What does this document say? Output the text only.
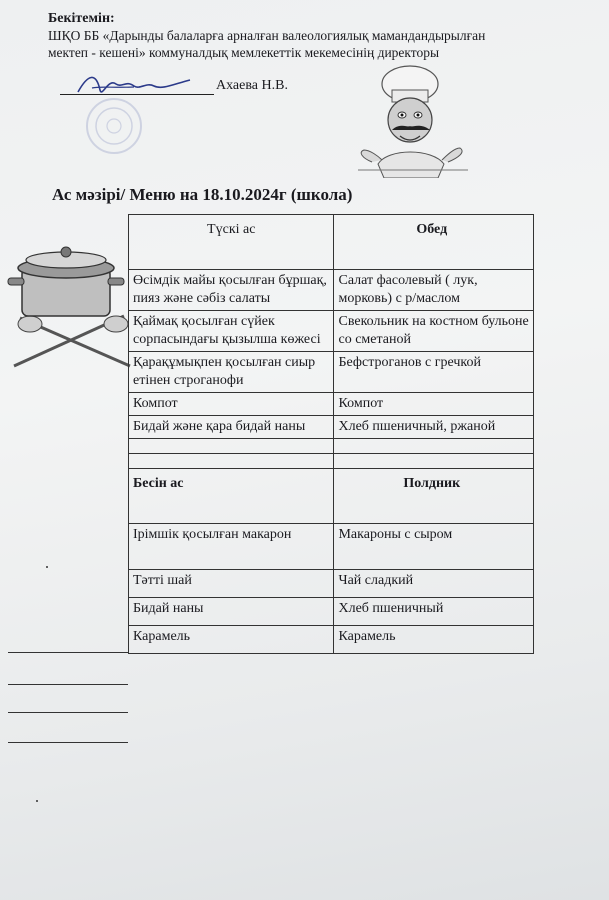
Бекітемін:
ШҚО ББ «Дарынды балаларға арналған валеологиялық мамандандырылған
мектеп - кешені» коммуналдық мемлекеттік мекемесінің директоры
Ахаева Н.В.
Ас мәзірі/ Меню на 18.10.2024г (школа)
Түскі ас	Обед
Өсімдік майы қосылған бұршақ, пияз және сәбіз салаты	Салат фасолевый ( лук, морковь) с р/маслом
Қаймақ қосылған сүйек сорпасындағы қызылша көжесі	Свекольник на костном бульоне со сметаной
Қарақұмықпен қосылған сиыр етінен строганофи	Бефстроганов с гречкой
Компот	Компот
Бидай және қара бидай наны	Хлеб пшеничный, ржаной

Бесін ас	Полдник
Ірімшік қосылған макарон	Макароны с сыром
Тәтті шай	Чай сладкий
Бидай наны	Хлеб пшеничный
Карамель	Карамель
